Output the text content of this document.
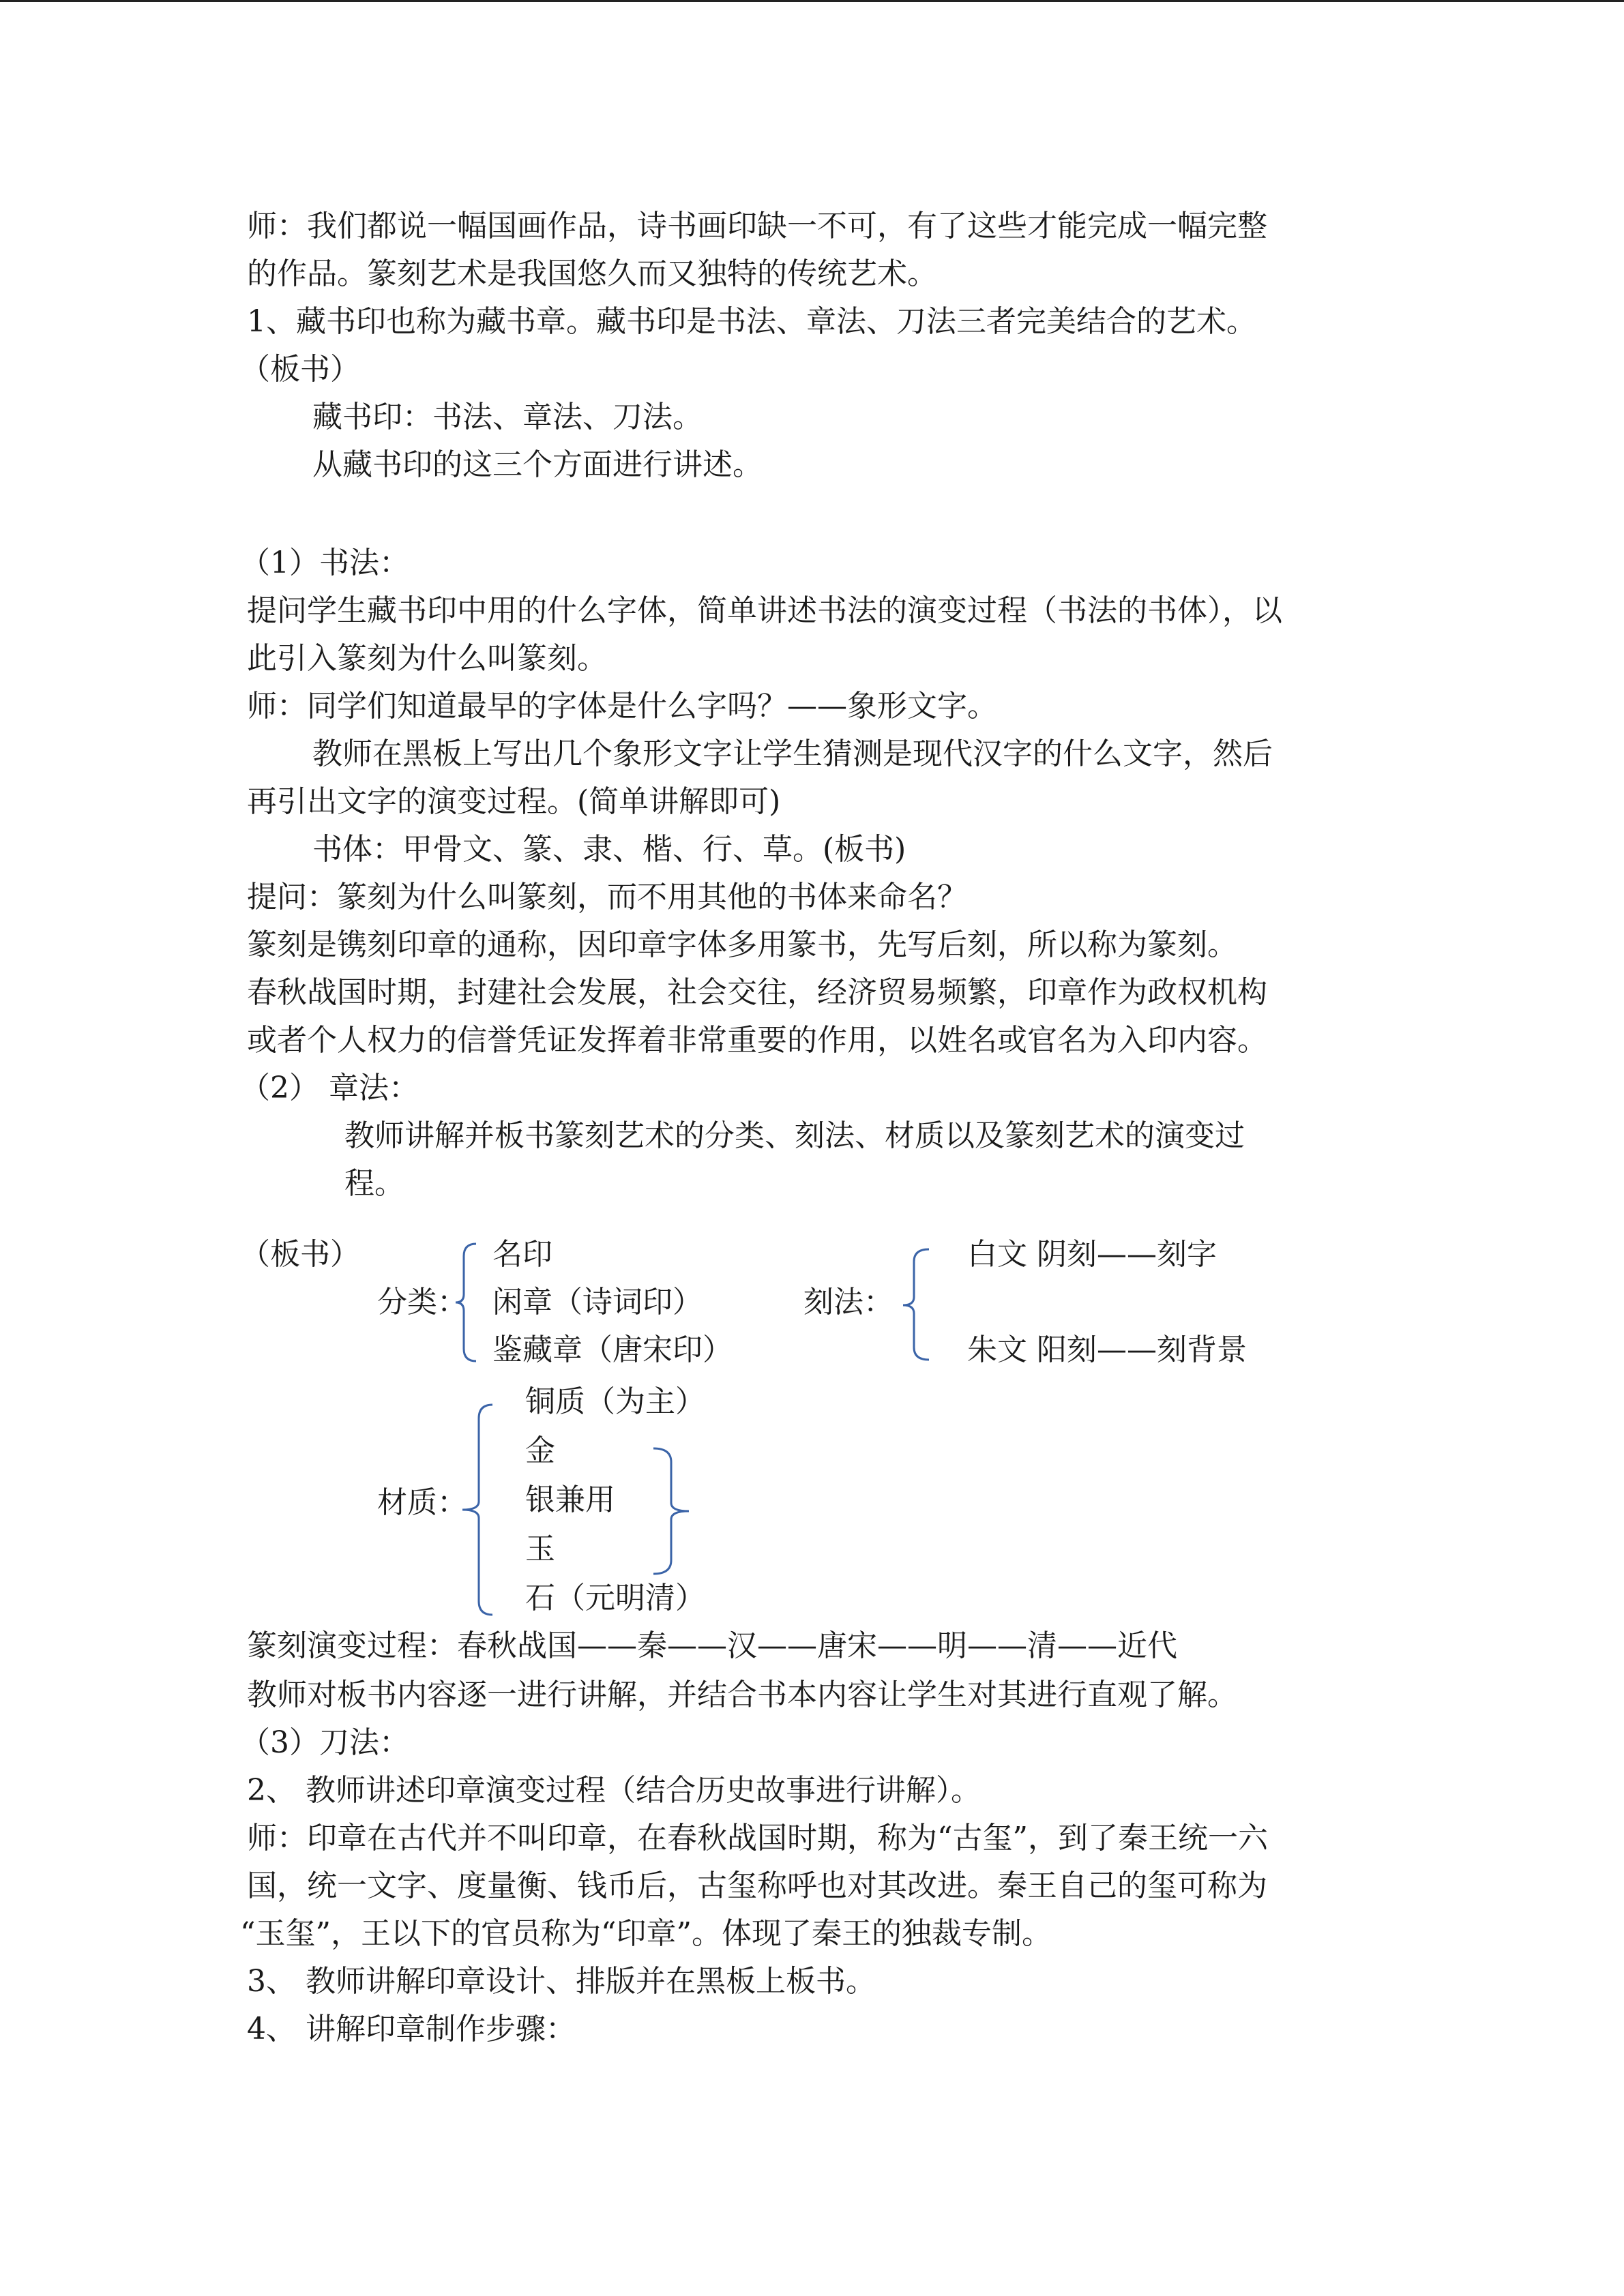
师：我们都说一幅国画作品，诗书画印缺一不可，有了这些才能完成一幅完整
的作品。篆刻艺术是我国悠久而又独特的传统艺术。
1、藏书印也称为藏书章。藏书印是书法、章法、刀法三者完美结合的艺术。
（板书）
藏书印：书法、章法、刀法。
从藏书印的这三个方面进行讲述。
（1）书法：
提问学生藏书印中用的什么字体，简单讲述书法的演变过程（书法的书体），以
此引入篆刻为什么叫篆刻。
师：同学们知道最早的字体是什么字吗？——象形文字。
教师在黑板上写出几个象形文字让学生猜测是现代汉字的什么文字，然后
再引出文字的演变过程。(简单讲解即可)
书体：甲骨文、篆、隶、楷、行、草。(板书)
提问：篆刻为什么叫篆刻，而不用其他的书体来命名？
篆刻是镌刻印章的通称，因印章字体多用篆书，先写后刻，所以称为篆刻。
春秋战国时期，封建社会发展，社会交往，经济贸易频繁，印章作为政权机构
或者个人权力的信誉凭证发挥着非常重要的作用，以姓名或官名为入印内容。
（2） 章法：
教师讲解并板书篆刻艺术的分类、刻法、材质以及篆刻艺术的演变过
程。
（板书）
分类：
名印
闲章（诗词印）
鉴藏章（唐宋印）
刻法：
白文 阴刻——刻字
朱文 阳刻——刻背景
材质：
铜质（为主）
金
银兼用
玉
石（元明清）
篆刻演变过程：春秋战国——秦——汉——唐宋——明——清——近代
教师对板书内容逐一进行讲解，并结合书本内容让学生对其进行直观了解。
（3）刀法：
2、 教师讲述印章演变过程（结合历史故事进行讲解）。
师：印章在古代并不叫印章，在春秋战国时期，称为“古玺”，到了秦王统一六
国，统一文字、度量衡、钱币后，古玺称呼也对其改进。秦王自己的玺可称为
“玉玺”，王以下的官员称为“印章”。体现了秦王的独裁专制。
3、 教师讲解印章设计、排版并在黑板上板书。
4、 讲解印章制作步骤：
